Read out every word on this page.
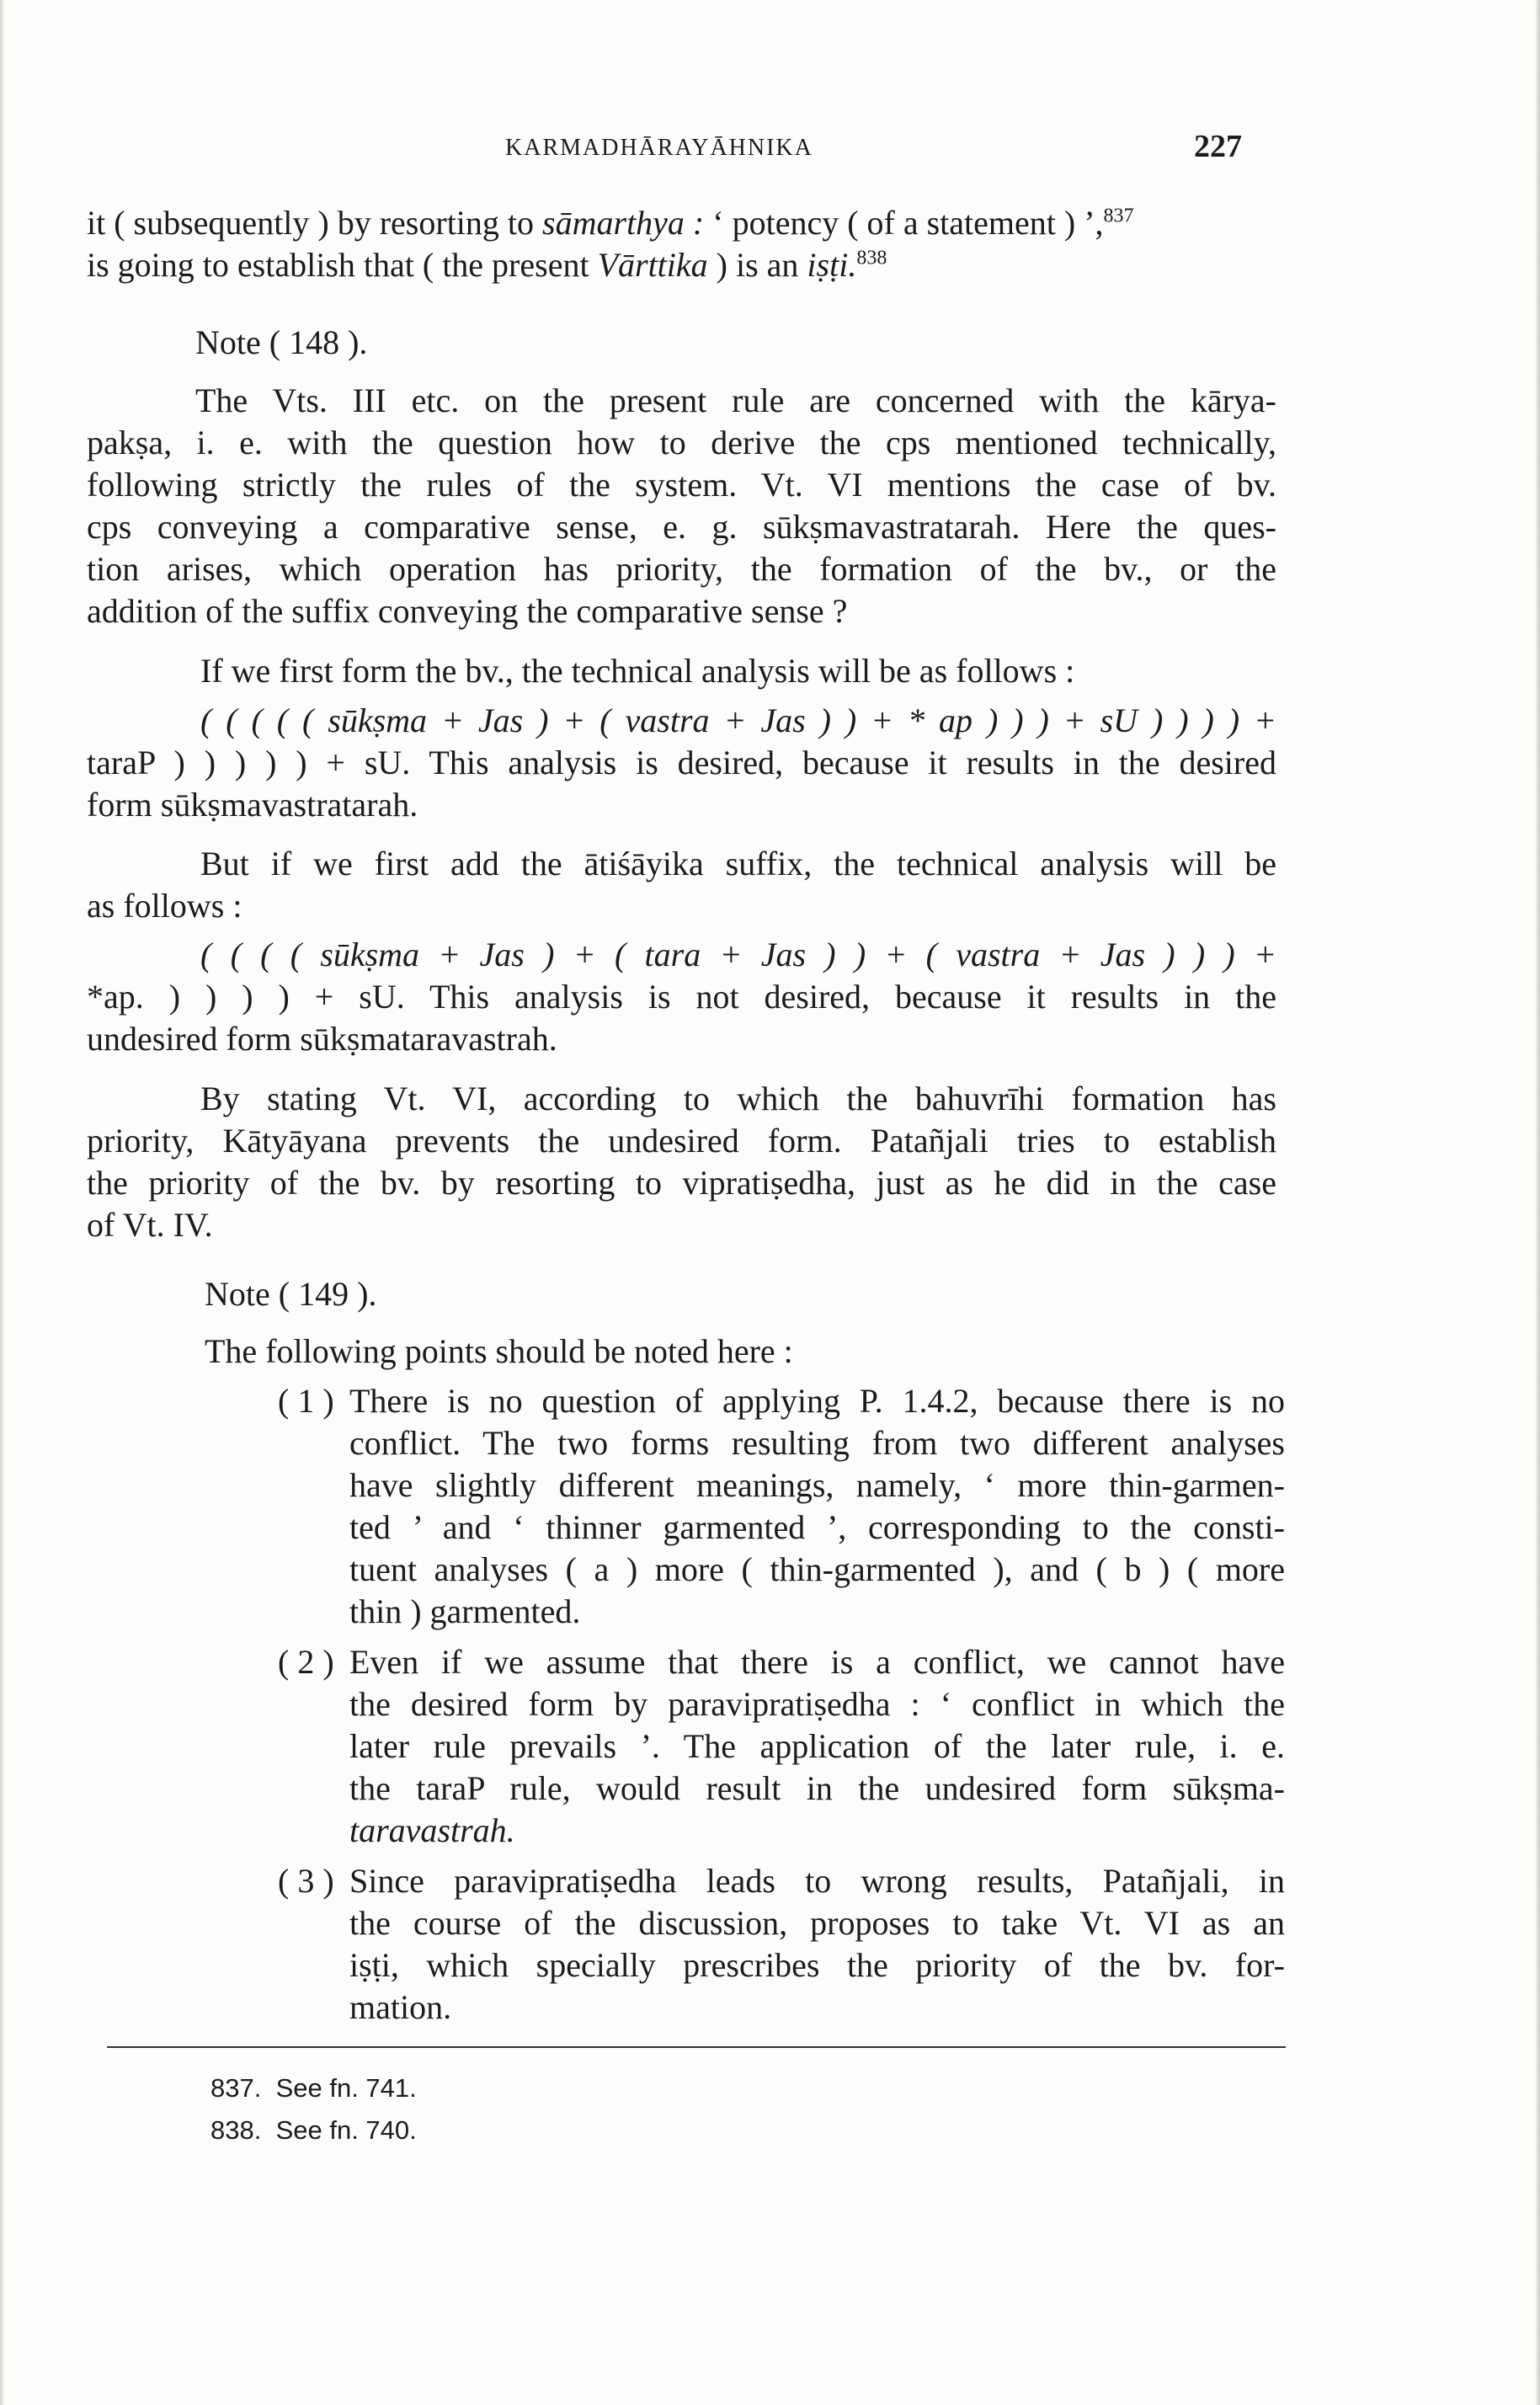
KARMADHĀRAYĀHNIKA	227
it ( subsequently ) by resorting to sāmarthya : ‘ potency ( of a statement ) ’,$^{837}$
is going to establish that ( the present Vārttika ) is an iṣṭi.$^{838}$
Note ( 148 ).
The Vts. III etc. on the present rule are concerned with the kārya-
pakṣa, i. e. with the question how to derive the cps mentioned technically,
following strictly the rules of the system. Vt. VI mentions the case of bv.
cps conveying a comparative sense, e. g. sūkṣmavastratarah. Here the ques-
tion arises, which operation has priority, the formation of the bv., or the
addition of the suffix conveying the comparative sense ?
If we first form the bv., the technical analysis will be as follows :
( ( ( ( ( sūkṣma + Jas ) + ( vastra + Jas ) ) + * ap ) ) ) + sU ) ) ) ) +
taraP ) ) ) ) ) + sU. This analysis is desired, because it results in the desired
form sūkṣmavastratarah.
But if we first add the ātiśāyika suffix, the technical analysis will be
as follows :
( ( ( ( sūkṣma + Jas ) + ( tara + Jas ) ) + ( vastra + Jas ) ) ) +
*ap. ) ) ) ) + sU. This analysis is not desired, because it results in the
undesired form sūkṣmataravastrah.
By stating Vt. VI, according to which the bahuvrīhi formation has
priority, Kātyāyana prevents the undesired form. Patañjali tries to establish
the priority of the bv. by resorting to vipratiṣedha, just as he did in the case
of Vt. IV.
Note ( 149 ).
The following points should be noted here :
( 1 ) There is no question of applying P. 1.4.2, because there is no
conflict. The two forms resulting from two different analyses
have slightly different meanings, namely, ‘ more thin-garmen-
ted ’ and ‘ thinner garmented ’, corresponding to the consti-
tuent analyses ( a ) more ( thin-garmented ), and ( b ) ( more
thin ) garmented.
( 2 ) Even if we assume that there is a conflict, we cannot have
the desired form by paravipratiṣedha : ‘ conflict in which the
later rule prevails ’. The application of the later rule, i. e.
the taraP rule, would result in the undesired form sūkṣma-
taravastrah.
( 3 ) Since paravipratiṣedha leads to wrong results, Patañjali, in
the course of the discussion, proposes to take Vt. VI as an
iṣṭi, which specially prescribes the priority of the bv. for-
mation.
837. See fn. 741.
838. See fn. 740.
